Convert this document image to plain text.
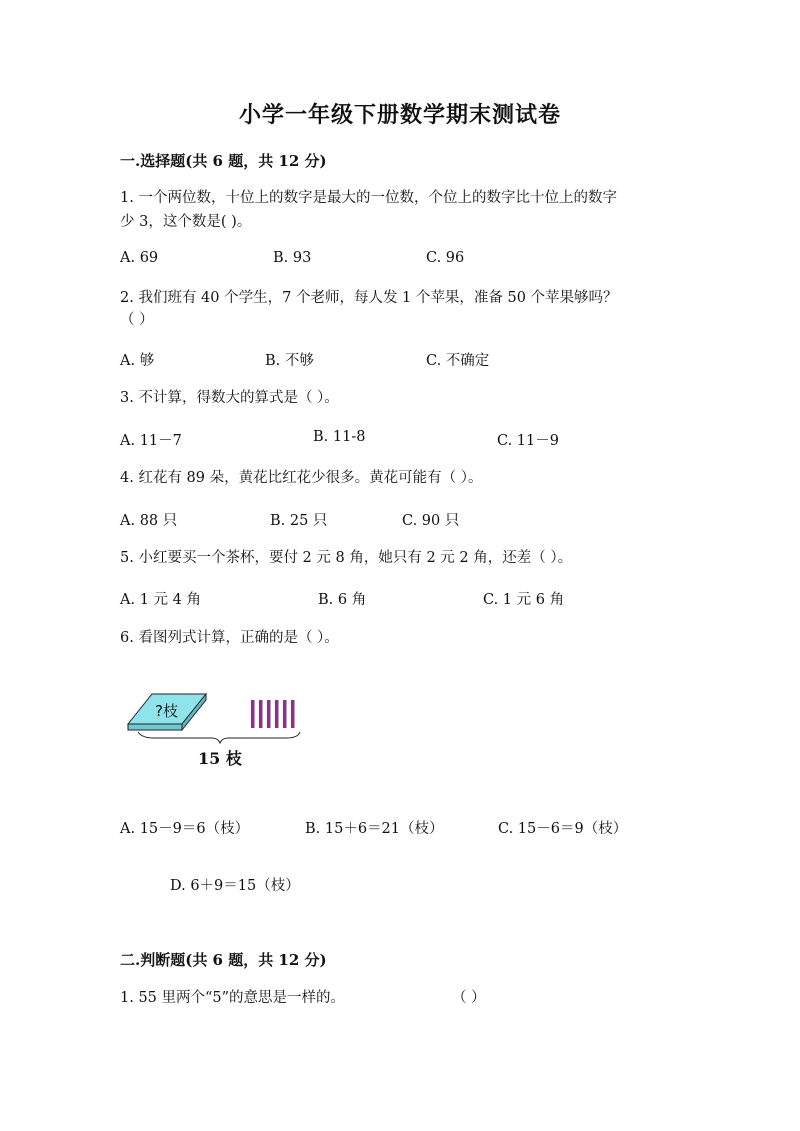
小学一年级下册数学期末测试卷
一.选择题(共 6 题，共 12 分)
1. 一个两位数，十位上的数字是最大的一位数，个位上的数字比十位上的数字
少 3，这个数是( )。
A. 69	B. 93	C. 96
2. 我们班有 40 个学生，7 个老师，每人发 1 个苹果，准备 50 个苹果够吗？
（ ）
A. 够	B. 不够	C. 不确定
3. 不计算，得数大的算式是（ ）。
A. 11－7	B. 11-8	C. 11－9
4. 红花有 89 朵，黄花比红花少很多。黄花可能有（ ）。
A. 88 只	B. 25 只	C. 90 只
5. 小红要买一个茶杯，要付 2 元 8 角，她只有 2 元 2 角，还差（ ）。
A. 1 元 4 角	B. 6 角	C. 1 元 6 角
6. 看图列式计算，正确的是（ ）。
?枝
15 枝
A. 15－9＝6（枝）	B. 15＋6＝21（枝）	C. 15－6＝9（枝）
D. 6＋9＝15（枝）
二.判断题(共 6 题，共 12 分)
1. 55 里两个“5”的意思是一样的。	（ ）
